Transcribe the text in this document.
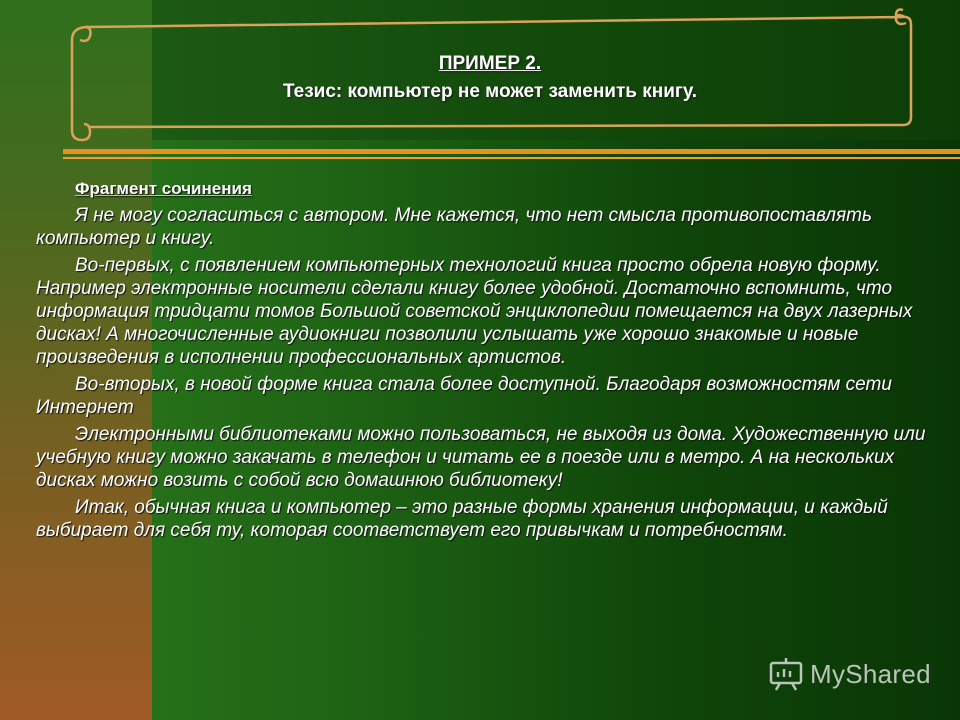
ПРИМЕР 2.
Тезис: компьютер не может заменить книгу.
Фрагмент сочинения

Я не могу согласиться с автором. Мне кажется, что нет смысла противопоставлять компьютер и книгу.

Во-первых, с появлением компьютерных технологий книга просто обрела новую форму. Например электронные носители сделали книгу более удобной. Достаточно вспомнить, что информация тридцати томов Большой советской энциклопедии помещается на двух лазерных дисках! А многочисленные аудиокниги позволили услышать уже хорошо знакомые и новые произведения в исполнении профессиональных артистов.

Во-вторых, в новой форме книга стала более доступной. Благодаря возможностям сети Интернет

Электронными библиотеками можно пользоваться, не выходя из дома. Художественную или учебную книгу можно закачать в телефон и читать ее в поезде или в метро. А на нескольких дисках можно возить с собой всю домашнюю библиотеку!

Итак, обычная книга и компьютер – это разные формы хранения информации, и каждый выбирает для себя ту, которая соответствует его привычкам и потребностям.

MyShared
